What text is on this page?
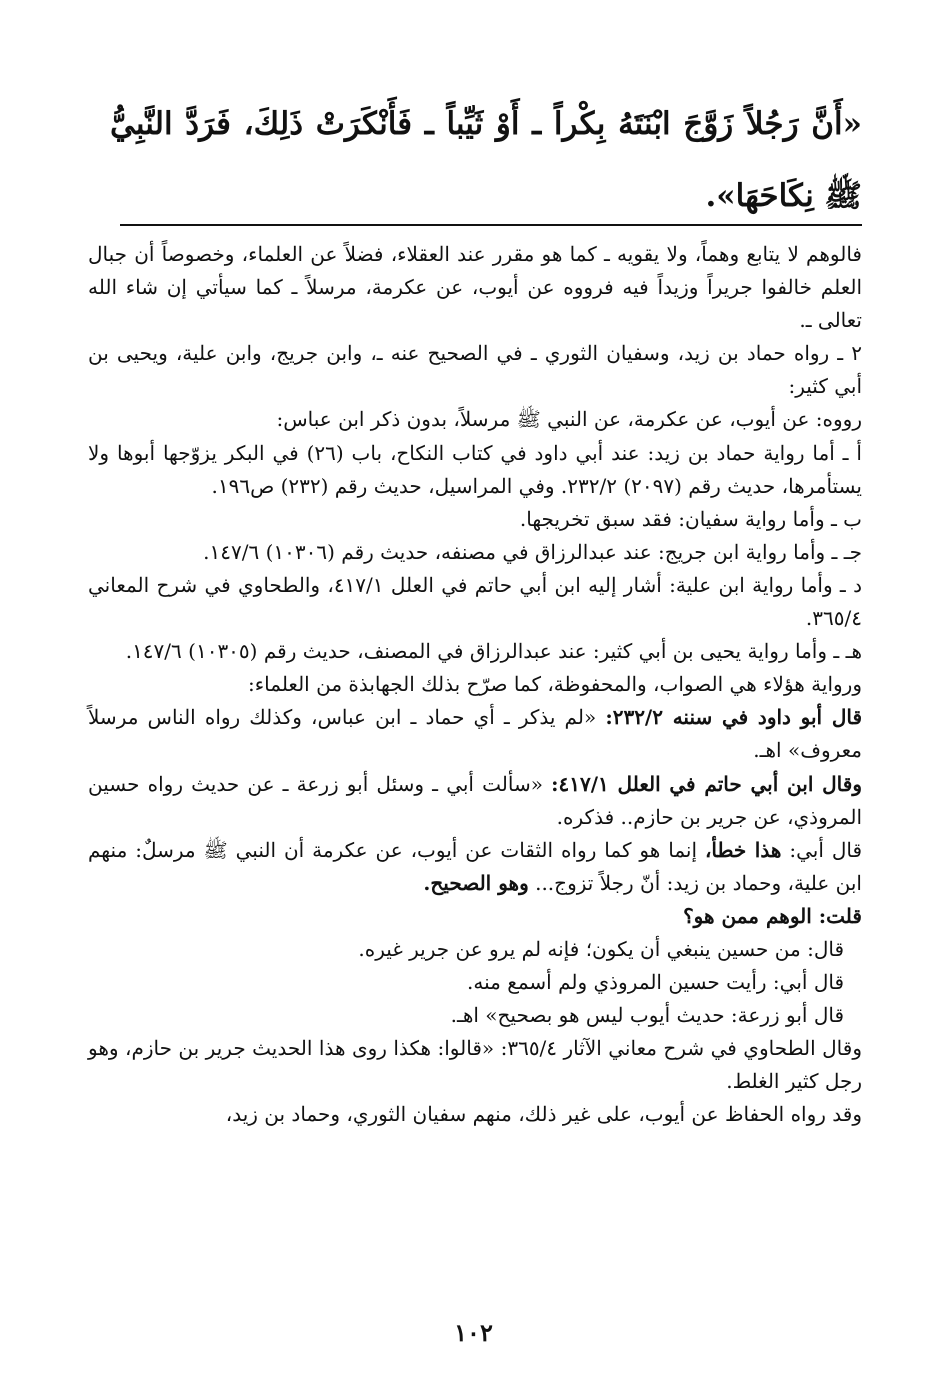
«أَنَّ رَجُلاً زَوَّجَ ابْنَتَهُ بِكْراً ـ أَوْ ثَيِّباً ـ فَأَنْكَرَتْ ذَلِكَ، فَرَدَّ النَّبِيُّ ﷺ نِكَاحَهَا».

فالوهم لا يتابع وهماً، ولا يقويه ـ كما هو مقرر عند العقلاء، فضلاً عن العلماء، وخصوصاً أن جبال العلم خالفوا جريراً وزيداً فيه فرووه عن أيوب، عن عكرمة، مرسلاً ـ كما سيأتي إن شاء الله تعالى ـ.

٢ ـ رواه حماد بن زيد، وسفيان الثوري ـ في الصحيح عنه ـ، وابن جريج، وابن علية، ويحيى بن أبي كثير:

رووه: عن أيوب، عن عكرمة، عن النبي ﷺ مرسلاً، بدون ذكر ابن عباس:

أ ـ أما رواية حماد بن زيد: عند أبي داود في كتاب النكاح، باب (٢٦) في البكر يزوّجها أبوها ولا يستأمرها، حديث رقم (٢٠٩٧) ٢٣٢/٢. وفي المراسيل، حديث رقم (٢٣٢) ص١٩٦.

ب ـ وأما رواية سفيان: فقد سبق تخريجها.

جـ ـ وأما رواية ابن جريج: عند عبدالرزاق في مصنفه، حديث رقم (١٠٣٠٦) ١٤٧/٦.

د ـ وأما رواية ابن علية: أشار إليه ابن أبي حاتم في العلل ٤١٧/١، والطحاوي في شرح المعاني ٣٦٥/٤.

هـ ـ وأما رواية يحيى بن أبي كثير: عند عبدالرزاق في المصنف، حديث رقم (١٠٣٠٥) ١٤٧/٦.

ورواية هؤلاء هي الصواب، والمحفوظة، كما صرّح بذلك الجهابذة من العلماء:

قال أبو داود في سننه ٢٣٢/٢: «لم يذكر ـ أي حماد ـ ابن عباس، وكذلك رواه الناس مرسلاً معروف» اهـ.

وقال ابن أبي حاتم في العلل ٤١٧/١: «سألت أبي ـ وسئل أبو زرعة ـ عن حديث رواه حسين المروذي، عن جرير بن حازم.. فذكره.

قال أبي: هذا خطأ، إنما هو كما رواه الثقات عن أيوب، عن عكرمة أن النبي ﷺ مرسلٌ: منهم ابن علية، وحماد بن زيد: أنّ رجلاً تزوج... وهو الصحيح.

قلت: الوهم ممن هو؟

قال: من حسين ينبغي أن يكون؛ فإنه لم يرو عن جرير غيره.

قال أبي: رأيت حسين المروذي ولم أسمع منه.

قال أبو زرعة: حديث أيوب ليس هو بصحيح» اهـ.

وقال الطحاوي في شرح معاني الآثار ٣٦٥/٤: «قالوا: هكذا روى هذا الحديث جرير بن حازم، وهو رجل كثير الغلط.

وقد رواه الحفاظ عن أيوب، على غير ذلك، منهم سفيان الثوري، وحماد بن زيد،

١٠٢
